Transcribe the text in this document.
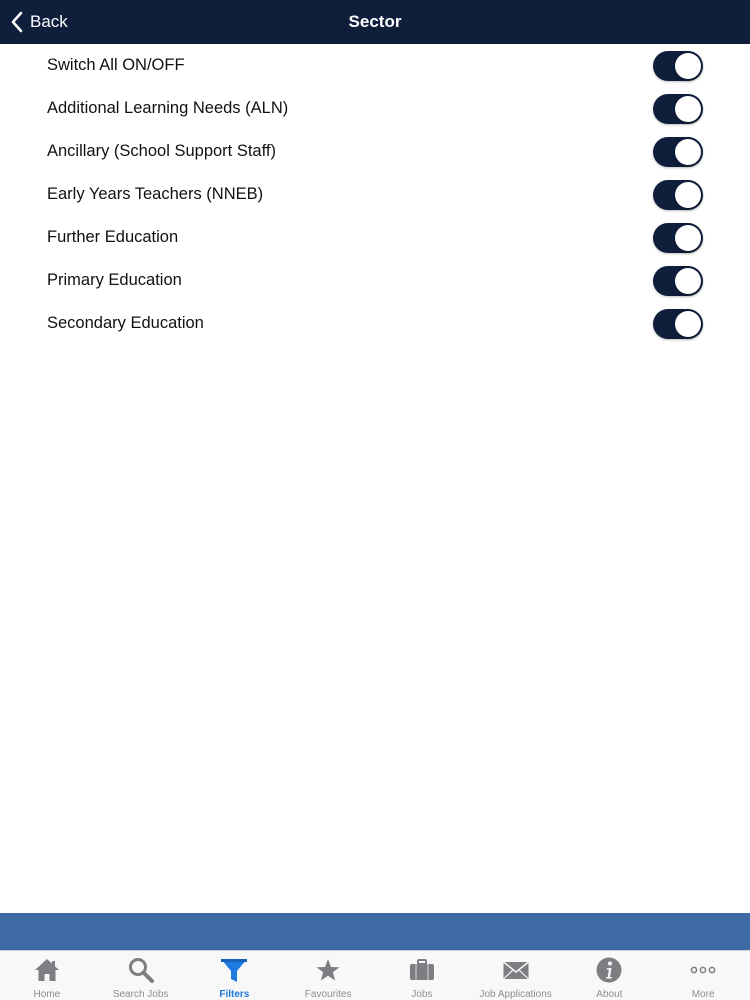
Back	Sector
Switch All ON/OFF
Additional Learning Needs (ALN)
Ancillary (School Support Staff)
Early Years Teachers (NNEB)
Further Education
Primary Education
Secondary Education
Home	Search Jobs	Filters	Favourites	Jobs	Job Applications	About	More
